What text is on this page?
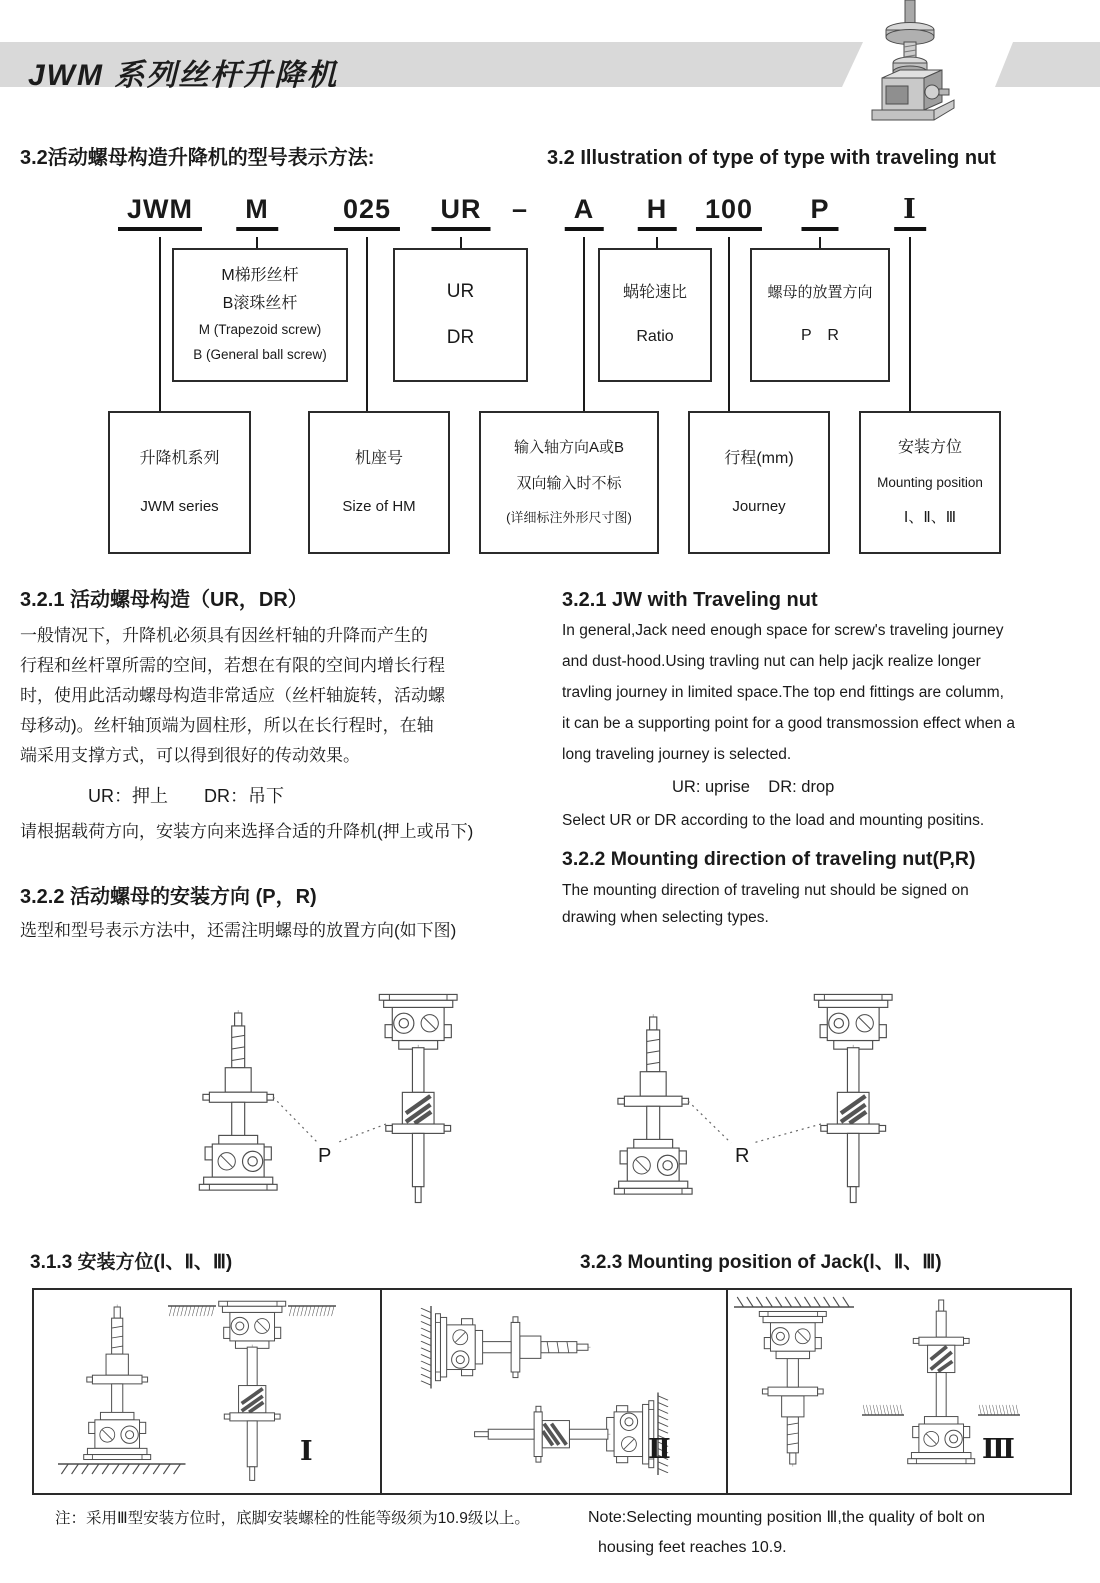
JWM 系列丝杆升降机
3.2活动螺母构造升降机的型号表示方法:	3.2 Illustration of type of type with traveling nut
JWM	M	025	UR	–	A	H	100	P	I
M梯形丝杆
B滚珠丝杆
M (Trapezoid screw)
B (General ball screw)
UR
DR
蜗轮速比
Ratio
螺母的放置方向
P　R
升降机系列
JWM series
机座号
Size of HM
输入轴方向A或B
双向输入时不标
(详细标注外形尺寸图)
行程(mm)
Journey
安装方位
Mounting position
Ⅰ、Ⅱ、Ⅲ
3.2.1 活动螺母构造（UR，DR）
一般情况下，升降机必须具有因丝杆轴的升降而产生的
行程和丝杆罩所需的空间，若想在有限的空间内增长行程
时，使用此活动螺母构造非常适应（丝杆轴旋转，活动螺
母移动)。丝杆轴顶端为圆柱形，所以在长行程时，在轴
端采用支撑方式，可以得到很好的传动效果。
UR：押上　　DR：吊下
请根据载荷方向，安装方向来选择合适的升降机(押上或吊下)
3.2.2 活动螺母的安装方向 (P，R)
选型和型号表示方法中，还需注明螺母的放置方向(如下图)
3.2.1 JW with Traveling nut
In general,Jack need enough space for screw's traveling journey
and dust-hood.Using travling nut can help jacjk realize longer
travling journey in limited space.The top end fittings are columm,
it can be a supporting point for a good transmossion effect when a
long traveling journey is selected.
UR: uprise    DR: drop
Select UR or DR according to the load and mounting positins.
3.2.2 Mounting direction of traveling nut(P,R)
The mounting direction of traveling nut should be signed on
drawing when selecting types.
P	R
3.1.3 安装方位(Ⅰ、Ⅱ、Ⅲ)	3.2.3 Mounting position of Jack(Ⅰ、Ⅱ、Ⅲ)
Ⅰ	Ⅱ	Ⅲ
注：采用Ⅲ型安装方位时，底脚安装螺栓的性能等级须为10.9级以上。	Note:Selecting mounting position Ⅲ,the quality of bolt on
housing feet reaches 10.9.
